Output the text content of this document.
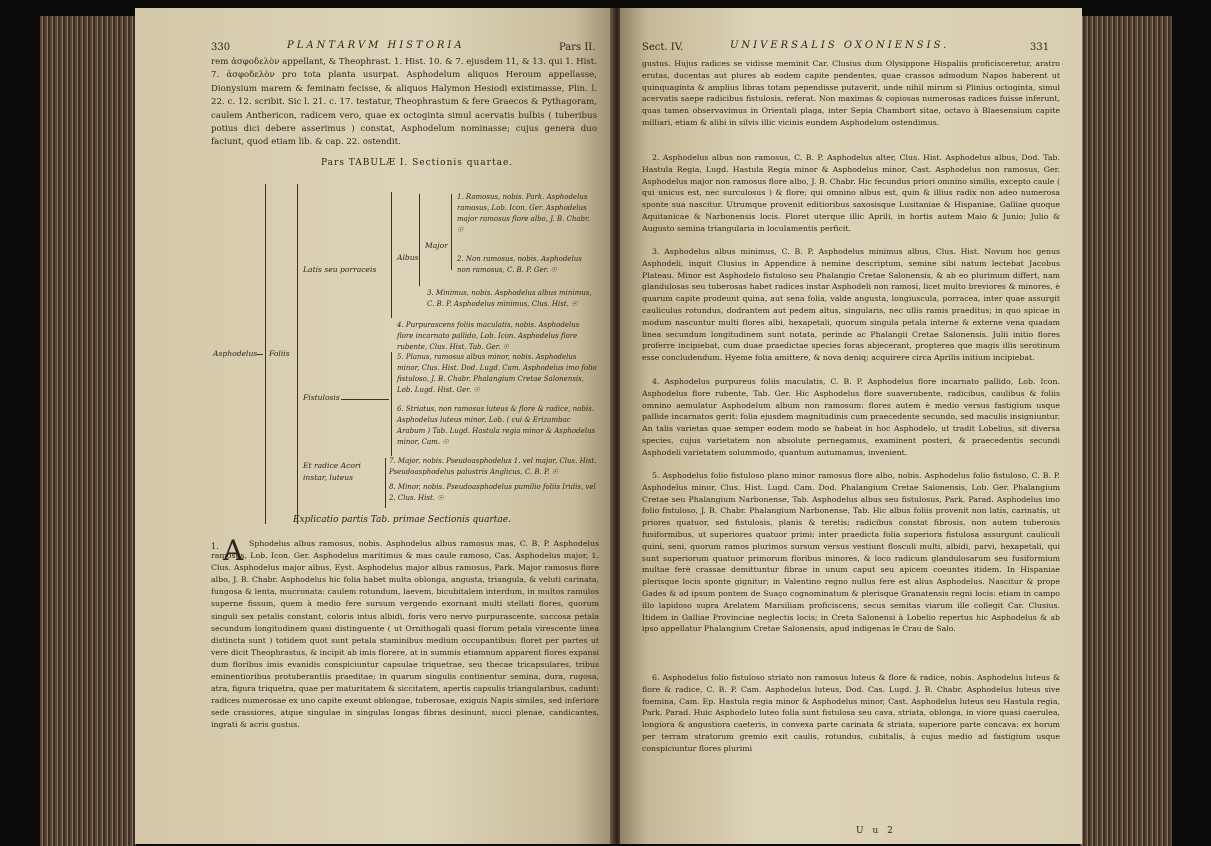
330	PLANTARVM HISTORIA	Pars II.

rem ἀσφοδελὸν appellant, & Theophrast. 1. Hist. 10. & 7. ejusdem 11, & 13. qui 1. Hist. 7. ἀσφοδελὸν pro tota planta usurpat. Asphodelum aliquos Heroum appellasse, Dionysium marem & feminam fecisse, & aliquos Halymon Hesiodi existimasse, Plin. l. 22. c. 12. scribit. Sic l. 21. c. 17. testatur, Theophrastum & fere Graecos & Pythagoram, caulem Anthericon, radicem vero, quae ex octoginta simul acervatis bulbis ( tuberibus potius dici debere asserimus ) constat, Asphodelum nominasse; cujus genera duo faciunt, quod etiam lib. & cap. 22. ostendit.

Pars TABULÆ I. Sectionis quartae.
Asphodelus Foliis
Latis seu porraceis
Albus
Major
1. Ramosus, nobis. Park. Asphodelus ramosus, Lob. Icon. Ger. Asphodelus major ramosus flore albo, J. B. Chabr. ☉
2. Non ramosus, nobis. Asphodelus non ramosus, C. B. P. Ger. ☉
3. Minimus, nobis. Asphodelus albus minimus, C. B. P. Asphodelus minimus, Clus. Hist. ☉
4. Purpurascens foliis maculatis, nobis. Asphodelus flore incarnato pallido, Lob. Icon. Asphodelus flore rubente, Clus. Hist. Tab. Ger. ☉
Fistulosis
5. Planus, ramosus albus minor, nobis. Asphodelus minor, Clus. Hist. Dod. Lugd. Cam. Asphodelus imo folio fistuloso, J. B. Chabr. Phalangium Cretae Salonensis, Lob. Lugd. Hist. Ger. ☉
6. Striatus, non ramosus luteus & flore & radice, nobis. Asphodelus luteus minor, Lob. ( cui & Erizambac Arabum ) Tab. Lugd. Hastula regia minor & Asphodelus minor, Cam. ☉
Et radice Acori instar, luteus
7. Major, nobis. Pseudoasphodelus 1. vel major, Clus. Hist. Pseudoasphodelus palustris Anglicus, C. B. P. ☉
8. Minor, nobis. Pseudoasphodelus pumilio foliis Iridis, vel 2. Clus. Hist. ☉
Explicatio partis Tab. primae Sectionis quartae.
1. A Sphodelus albus ramosus, nobis. Asphodelus albus ramosus mas, C. B. P. Asphodelus ramosus, Lob. Icon. Ger. Asphodelus maritimus & mas caule ramoso, Cas. Asphodelus major, 1. Clus. Asphodelus major albus, Eyst. Asphodelus major albus ramosus, Park. Major ramosus flore albo, J. B. Chabr. Asphodelus hic folia habet multa oblonga, angusta, triangula, & veluti carinata, fungosa & lenta, mucronata: caulem rotundum, laevem, bicubitalem interdum, in multos ramulos superne fissum, quem à medio fere sursum vergendo exornant multi stellati flores, quorum singuli sex petalis constant, coloris intus albidi, foris vero nervo purpurascente, succosa petala secundum longitudinem quasi distinguente ( ut Ornithogali quasi florum petala virescente linea distincta sunt ) totidem quot sunt petala staminibus medium occupantibus: floret per partes ut vere dicit Theophrastus, & incipit ab imis florere, at in summis etiamnum apparent flores expansi dum floribus imis evanidis conspiciuntur capsulae triquetrae, seu thecae tricapsulares, tribus eminentioribus protuberantiis praeditae; in quarum singulis continentur semina, dura, rugosa, atra, figura triquetra, quae per maturitatem & siccitatem, apertis capsulis triangularibus, cadunt: radices numerosae ex uno capite exeunt oblongae, tuberosae, exiguis Napis similes, sed inferiore sede crassiores, atque singulae in singulas longas fibras desinunt, succi plenae, candicantes, ingrati & acris gustus.

Sect. IV.	UNIVERSALIS OXONIENSIS.	331

gustus. Hujus radices se vidisse meminit Car. Clusius dum Olysippone Hispaliis proficisceretur, aratro erutas, ducentas aut plures ab eodem capite pendentes, quae crassos admodum Napos haberent ut quinquaginta & amplius libras totam pependisse putaverit, unde nihil mirum si Plinius octoginta, simul acervatis saepe radicibus fistulosis, referat. Non maximas & copiosas numerosas radices fuisse inferunt, quas tamen observavimus in Orientali plaga, inter Sepia Chambort sitae, octavo à Blaesensium capite milliari, etiam & alibi in silvis illic vicinis eundem Asphodelum ostendimus.

2. Asphodelus albus non ramosus, C. B. P. Asphodelus alter, Clus. Hist. Asphodelus albus, Dod. Tab. Hastula Regia, Lugd. Hastula Regia minor & Asphodelus minor, Cast. Asphodelus non ramosus, Ger. Asphodelus major non ramosus flore albo, J. B. Chabr. Hic fecundus priori omnino similis, excepto caule ( qui unicus est, nec surculosus ) & flore; qui omnino albus est, quin & illius radix non adeo numerosa sponte sua nascitur. Utrumque provenit editioribus saxosisque Lusitaniae & Hispaniae, Galliae quoque Aquitanicae & Narbonensis locis. Floret uterque illic Aprili, in hortis autem Maio & Junio; Julio & Augusto semina triangularia in loculamentis perficit.

3. Asphodelus albus minimus, C. B. P. Asphodelus minimus albus, Clus. Hist. Novum hoc genus Asphodeli, inquit Clusius in Appendice à nemine descriptum, semine sibi natum lectebat Jacobus Plateau. Minor est Asphodelo fistuloso seu Phalangio Cretae Salonensis, & ab eo plurimum differt, nam glandulosas seu tuberosas habet radices instar Asphodeli non ramosi, licet multo breviores & minores, è quarum capite prodeunt quina, aut sena folia, valde angusta, longiuscula, porracea, inter quae assurgit cauliculus rotundus, dodrantem aut pedem altus, singularis, nec ullis ramis praeditus; in quo spicae in modum nascuntur multi flores albi, hexapetali, quorum singula petala interne & externe vena quadam linea secundum longitudinem sunt notata, perinde ac Phalangii Cretae Salonensis. Julii initio flores proferre incipiebat, cum duae praedictae species foras abjecerant, propterea que magis illis serotinum esse concludendum. Hyeme folia amittere, & nova deniq; acquirere circa Aprilis initium incipiebat.

4. Asphodelus purpureus foliis maculatis, C. B. P. Asphodelus flore incarnato pallido, Lob. Icon. Asphodelus flore rubente, Tab. Ger. Hic Asphodelus flore suaverubente, radicibus, caulibus & foliis omnino aemulatur Asphodelum album non ramosum: flores autem è medio versus fastigium usque pallide incarnatos gerit: folia ejusdem magnitudinis cum praecedente secundo, sed maculis insigniuntur. An talis varietas quae semper eodem modo se habeat in hoc Asphodelo, ut tradit Lobelius, sit diversa species, cujus varietatem non absolute pernegamus, examinent posteri, & praecedentis secundi Asphodeli varietatem solummodo, quantum autumamus, invenient.

5. Asphodelus folio fistuloso plano minor ramosus flore albo, nobis. Asphodelus folio fistuloso, C. B. P. Asphodelus minor, Clus. Hist. Lugd. Cam. Dod. Phalangium Cretae Salonensis, Lob. Ger. Phalangium Cretae seu Phalangium Narbonense, Tab. Asphodelus albus seu fistulosus, Park. Parad. Asphodelus imo folio fistuloso, J. B. Chabr. Phalangium Narbonense, Tab. Hic albus foliis provenit non latis, carinatis, ut priores quatuor, sed fistulosis, planis & teretis; radicibus constat fibrosis, non autem tuberosis fusiformibus, ut superiores quatuor primi: inter praedicta folia superiora fistulosa assurgunt cauliculi quini, seni, quorum ramos plurimos sursum versus vestiunt flosculi multi, albidi, parvi, hexapetali, qui sunt superiorum quatuor primorum floribus minores, & loco radicum glandulosarum seu fusiformium multae ferè crassae demittuntur fibrae in unum caput seu apicem coeuntes itidem. In Hispaniae plerisque locis sponte gignitur; in Valentino regno nullus fere est alius Asphodelus. Nascitur & prope Gades & ad ipsum pontem de Suaço cognominatum & plerisque Granatensis regni locis: etiam in campo illo lapidoso supra Arelatem Marsiliam proficiscens, secus semitas viarum ille collegit Car. Clusius. Itidem in Galliae Provinciae neglectis locis; in Creta Salonensi à Lobelio repertus hic Asphodelus & ab ipso appellatur Phalangium Cretae Salonensis, apud indigenas le Crau de Salo.

6. Asphodelus folio fistuloso striato non ramosus luteus & flore & radice, nobis. Asphodelus luteus & flore & radice, C. B. P. Cam. Asphodelus luteus, Dod. Cas. Lugd. J. B. Chabr. Asphodelus luteus sive foemina, Cam. Ep. Hastula regia minor & Asphodelus minor, Cast. Asphodelus luteus seu Hastula regia, Park. Parad. Huic Asphodelo luteo folia sunt fistulosa seu cava, striata, oblonga, in viore quasi caerulea, longiora & angustiora caeteris, in convexa parte carinata & striata, superiore parte concava: ex horum per terram stratorum gremio exit caulis, rotundus, cubitalis, à cujus medio ad fastigium usque conspiciuntur flores plurimi

U u 2
